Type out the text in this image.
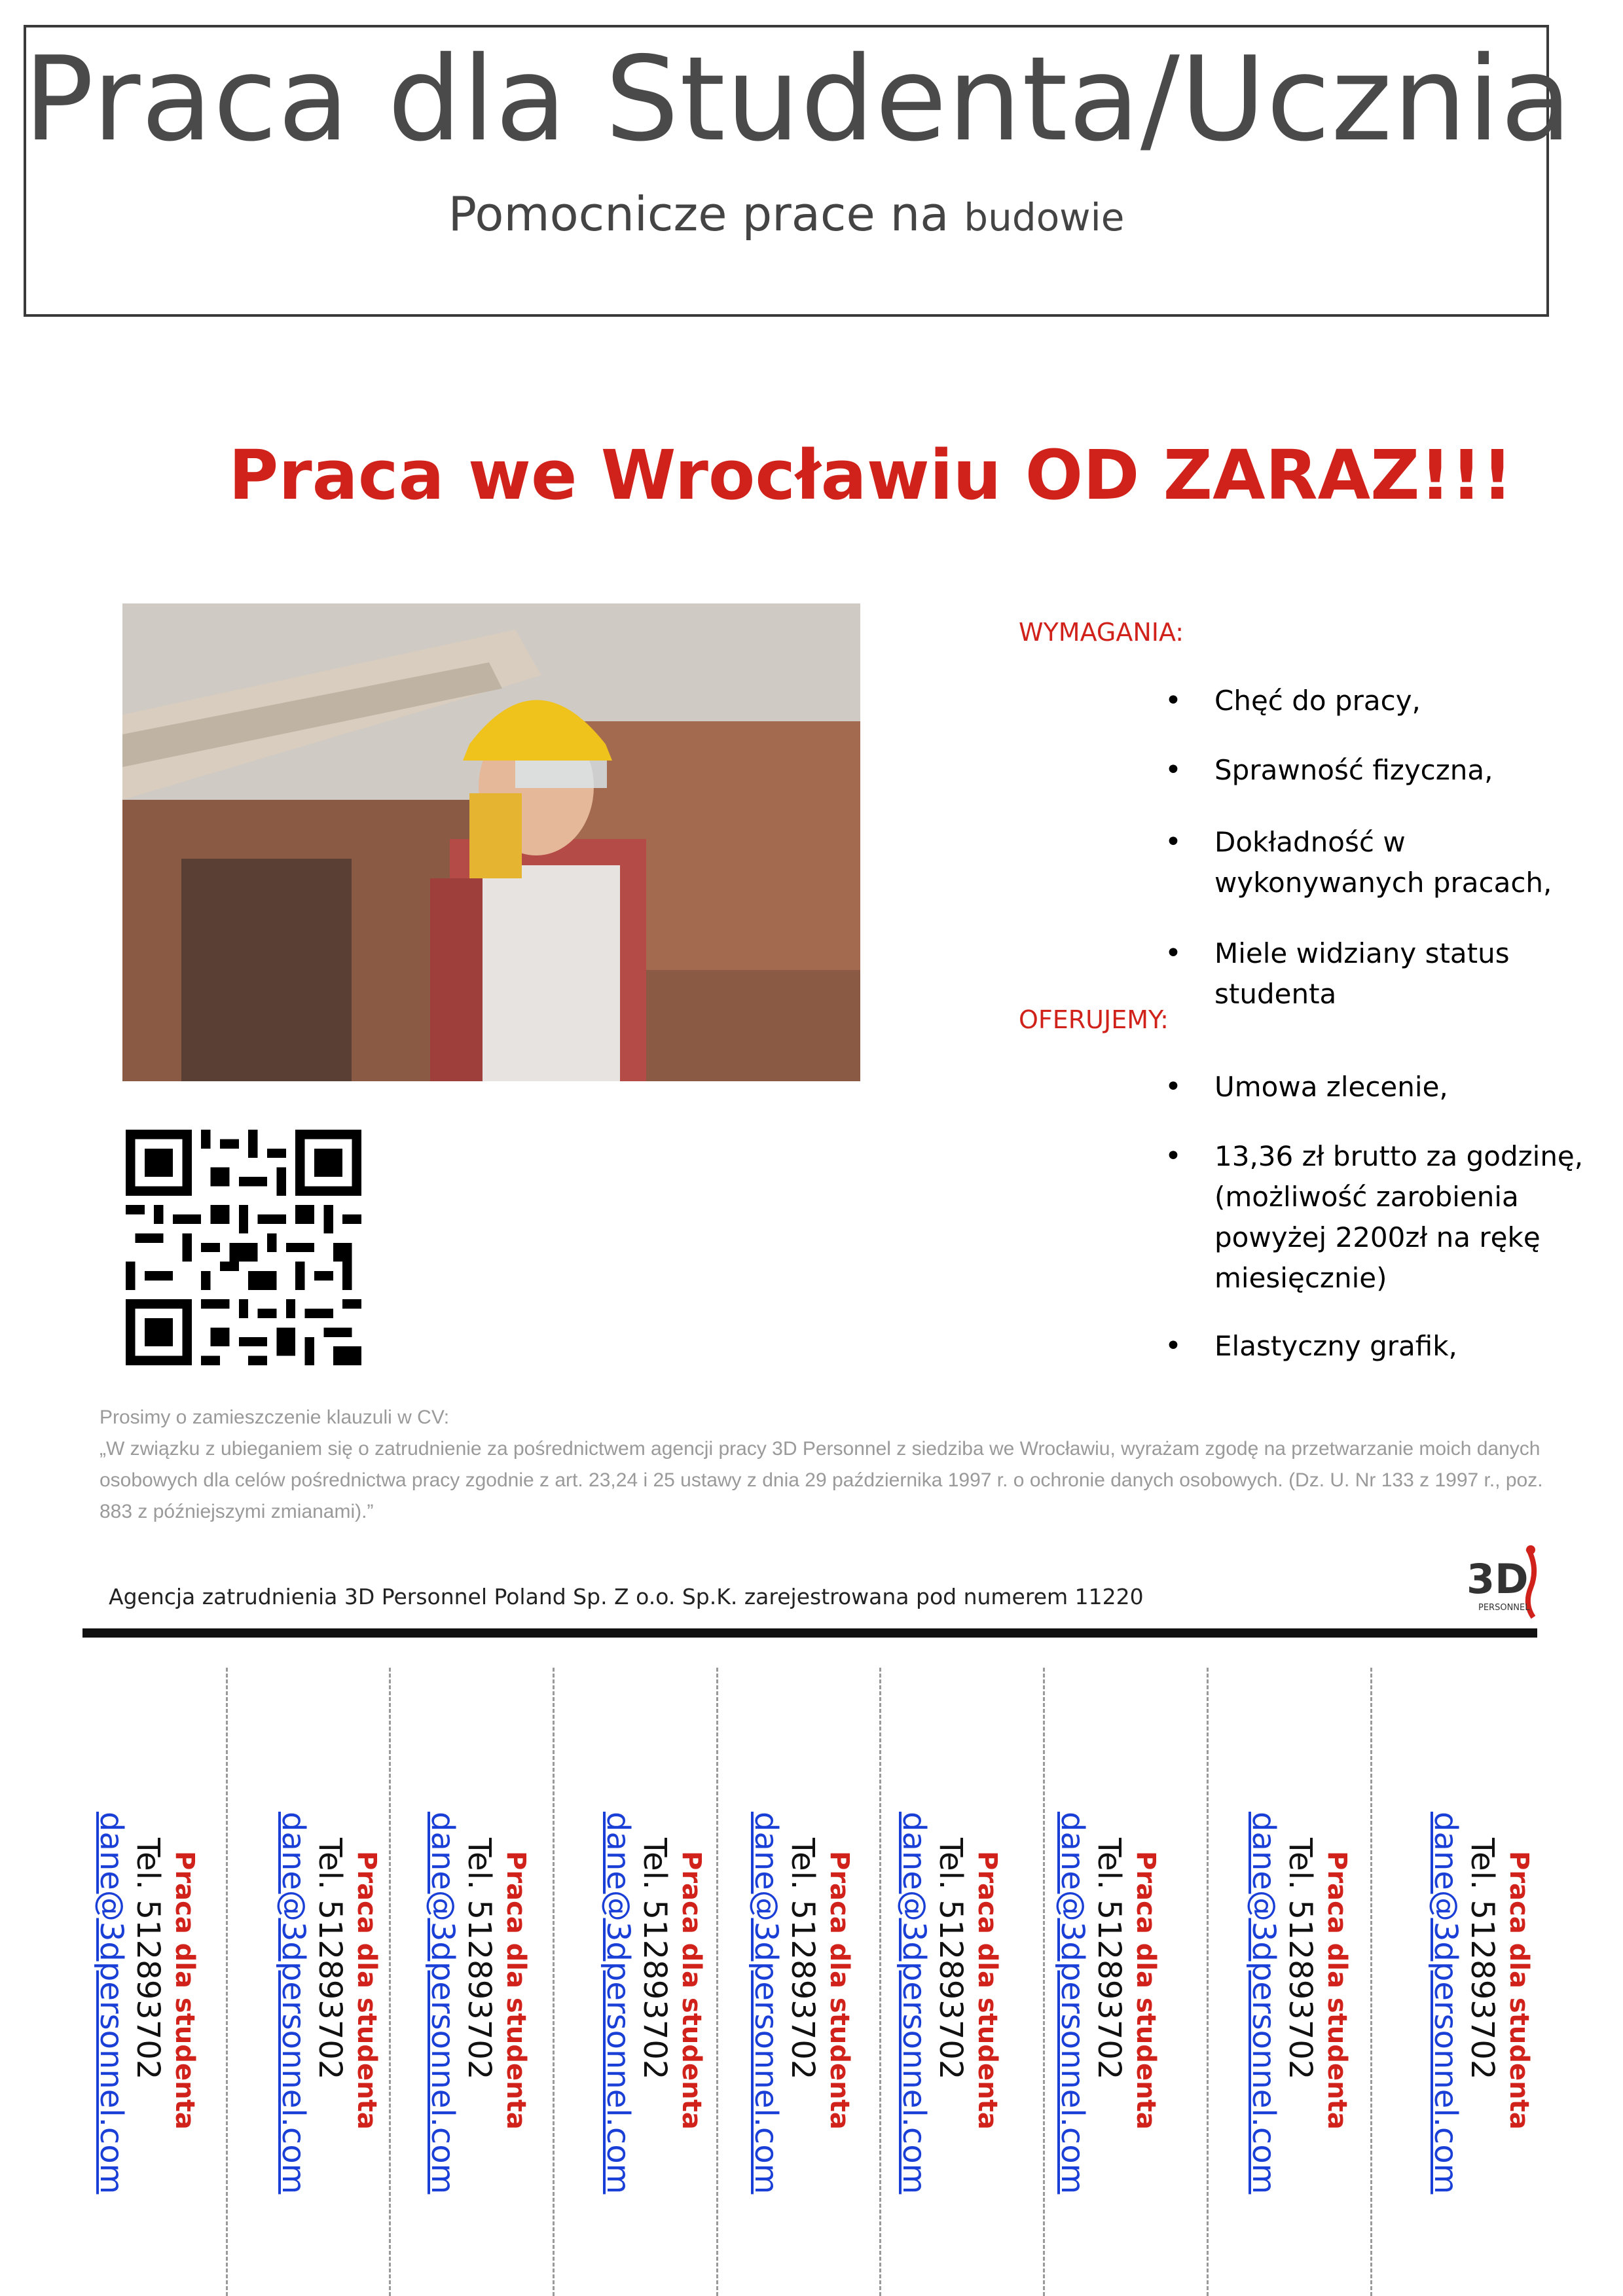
Praca dla Studenta/Ucznia
Pomocnicze prace na budowie
Praca we Wrocławiu OD ZARAZ!!!
WYMAGANIA:
• Chęć do pracy,
• Sprawność fizyczna,
• Dokładność w wykonywanych pracach,
• Miele widziany status studenta
OFERUJEMY:
• Umowa zlecenie,
• 13,36 zł brutto za godzinę, (możliwość zarobienia powyżej 2200zł na rękę miesięcznie)
• Elastyczny grafik,

Prosimy o zamieszczenie klauzuli w CV:

„W związku z ubieganiem się o zatrudnienie za pośrednictwem agencji pracy 3D Personnel z siedziba we Wrocławiu, wyrażam zgodę na przetwarzanie moich danych osobowych dla celów pośrednictwa pracy zgodnie z art. 23,24 i 25 ustawy z dnia 29 października 1997 r. o ochronie danych osobowych. (Dz. U. Nr 133 z 1997 r., poz. 883 z późniejszymi zmianami).”

Agencja zatrudnienia 3D Personnel Poland Sp. Z o.o. Sp.K. zarejestrowana pod numerem 11220	3D
PERSONNEL
Praca dla studenta
Tel. 512893702
dane@3dpersonnel.com	Praca dla studenta
Tel. 512893702
dane@3dpersonnel.com	Praca dla studenta
Tel. 512893702
dane@3dpersonnel.com	Praca dla studenta
Tel. 512893702
dane@3dpersonnel.com	Praca dla studenta
Tel. 512893702
dane@3dpersonnel.com	Praca dla studenta
Tel. 512893702
dane@3dpersonnel.com	Praca dla studenta
Tel. 512893702
dane@3dpersonnel.com	Praca dla studenta
Tel. 512893702
dane@3dpersonnel.com	Praca dla studenta
Tel. 512893702
dane@3dpersonnel.com
